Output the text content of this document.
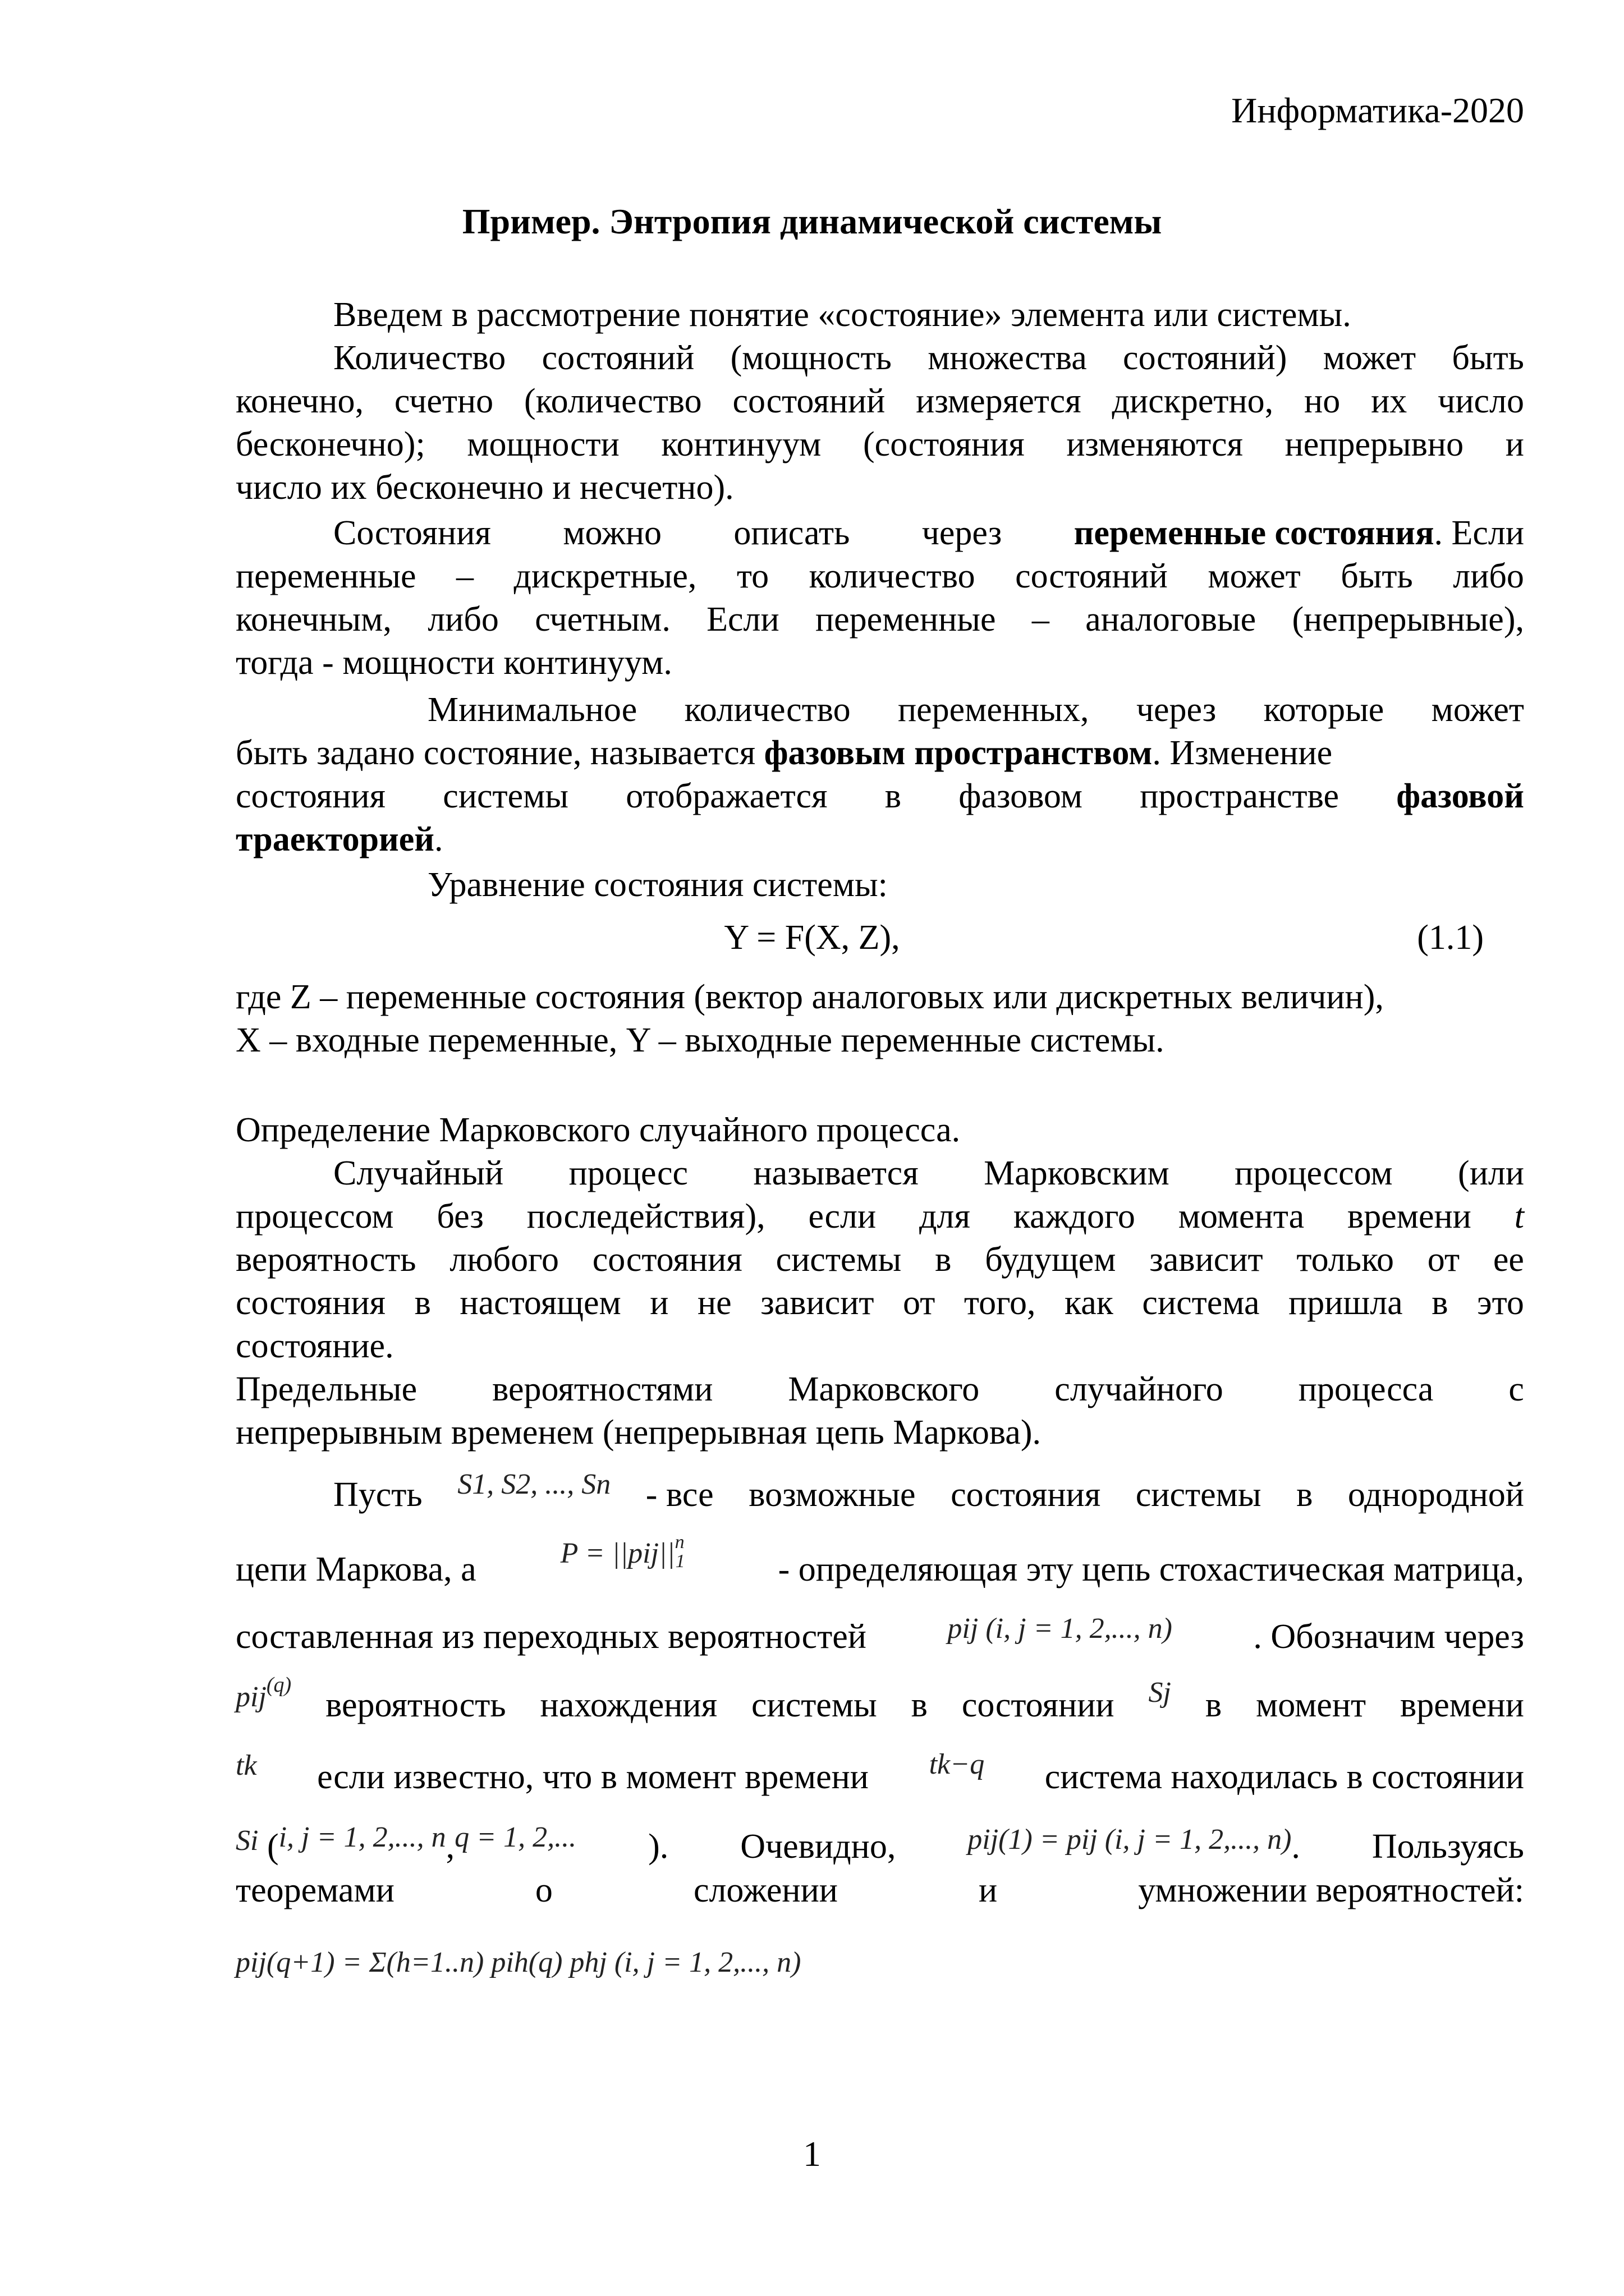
Информатика-2020
Пример. Энтропия динамической системы
Введем в рассмотрение понятие «состояние» элемента или системы.
Количество состояний (мощность множества состояний) может быть
конечно, счетно (количество состояний измеряется дискретно, но их число
бесконечно); мощности континуум (состояния изменяются непрерывно и
число их бесконечно и несчетно).
Состояния можно описать через переменные состояния. Если
переменные – дискретные, то количество состояний может быть либо
конечным, либо счетным. Если переменные – аналоговые (непрерывные),
тогда - мощности континуум.
Минимальное количество переменных, через которые может
быть задано состояние, называется фазовым пространством. Изменение
состояния системы отображается в фазовом пространстве фазовой
траекторией.
Уравнение состояния системы:
Y = F(X, Z),	(1.1)
где Z – переменные состояния (вектор аналоговых или дискретных величин),
X – входные переменные, Y – выходные переменные системы.
Определение Марковского случайного процесса.
Случайный процесс называется Марковским процессом (или
процессом без последействия), если для каждого момента времени t
вероятность любого состояния системы в будущем зависит только от ее
состояния в настоящем и не зависит от того, как система пришла в это
состояние.
Предельные вероятностями Марковского случайного процесса с
непрерывным временем (непрерывная цепь Маркова).
Пусть S1, S2, ..., Sn - все возможные состояния системы в однородной
цепи Маркова, а	$P = ||pij||^n1$	- определяющая эту цепь стохастическая матрица,
составленная из переходных вероятностей	pij (i, j = 1, 2,..., n) . Обозначим через
pij$^{(q)}$
вероятность нахождения системы в состоянии Sj в момент времени
tk если известно, что в момент времени tk−q система находилась в состоянии
$^{Si}$ ($^{i, j = 1, 2,..., n}$,$^{q = 1, 2,...}$ ). Очевидно, $^{pij(1) = pij (i, j = 1, 2,..., n)}$. Пользуясь
теоремами	о	сложении	и	умножении вероятностей:
pij(q+1) = Σ(h=1..n) pih(q) phj (i, j = 1, 2,..., n)
1
